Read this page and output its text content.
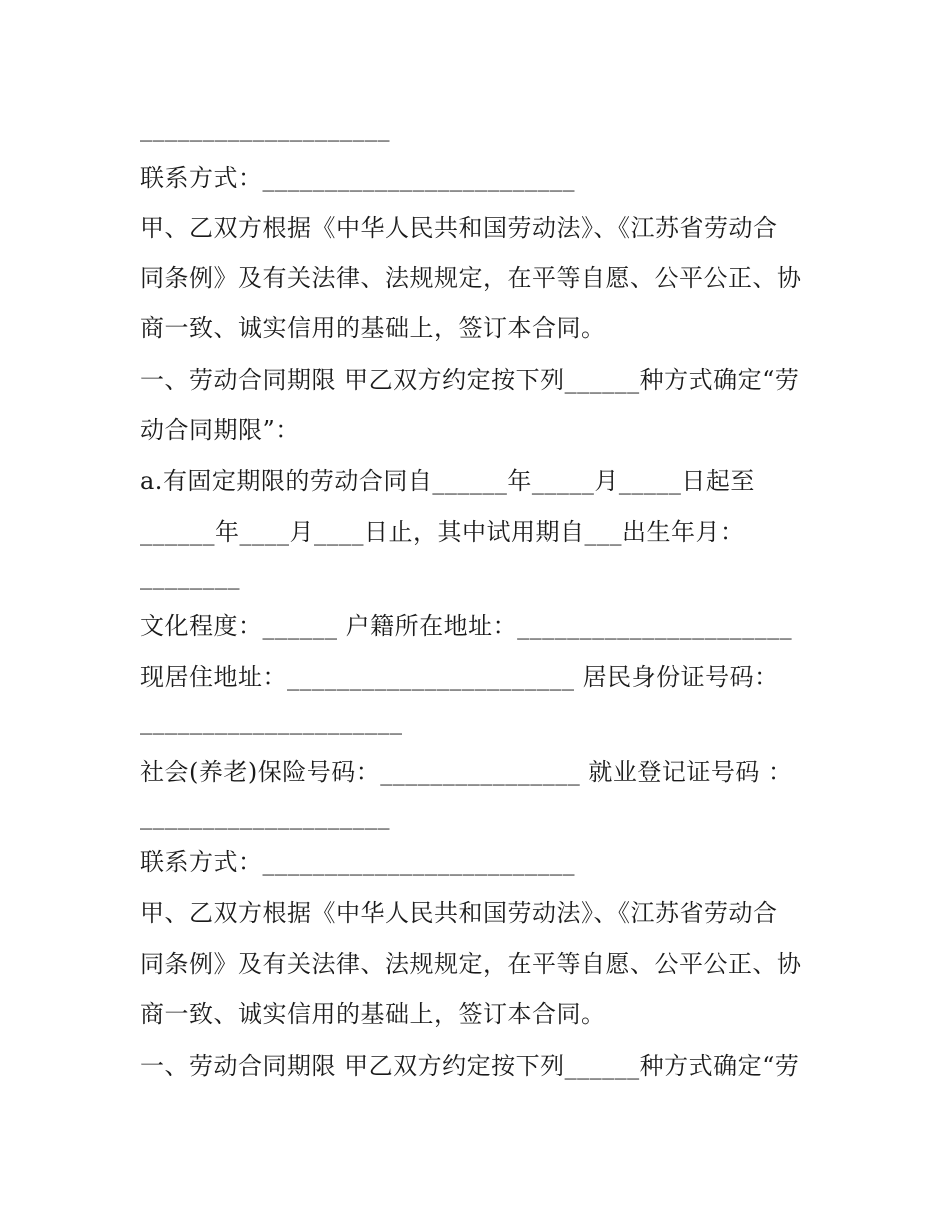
____________________
联系方式：_________________________
甲、乙双方根据《中华人民共和国劳动法》、《江苏省劳动合
同条例》及有关法律、法规规定，在平等自愿、公平公正、协
商一致、诚实信用的基础上，签订本合同。
一、劳动合同期限 甲乙双方约定按下列______种方式确定“劳
动合同期限”：
a.有固定期限的劳动合同自______年_____月_____日起至
______年____月____日止，其中试用期自___出生年月：
________
文化程度：______ 户籍所在地址：______________________
现居住地址：_______________________ 居民身份证号码：
_____________________
社会(养老)保险号码：________________ 就业登记证号码 ：
____________________
联系方式：_________________________
甲、乙双方根据《中华人民共和国劳动法》、《江苏省劳动合
同条例》及有关法律、法规规定，在平等自愿、公平公正、协
商一致、诚实信用的基础上，签订本合同。
一、劳动合同期限 甲乙双方约定按下列______种方式确定“劳
